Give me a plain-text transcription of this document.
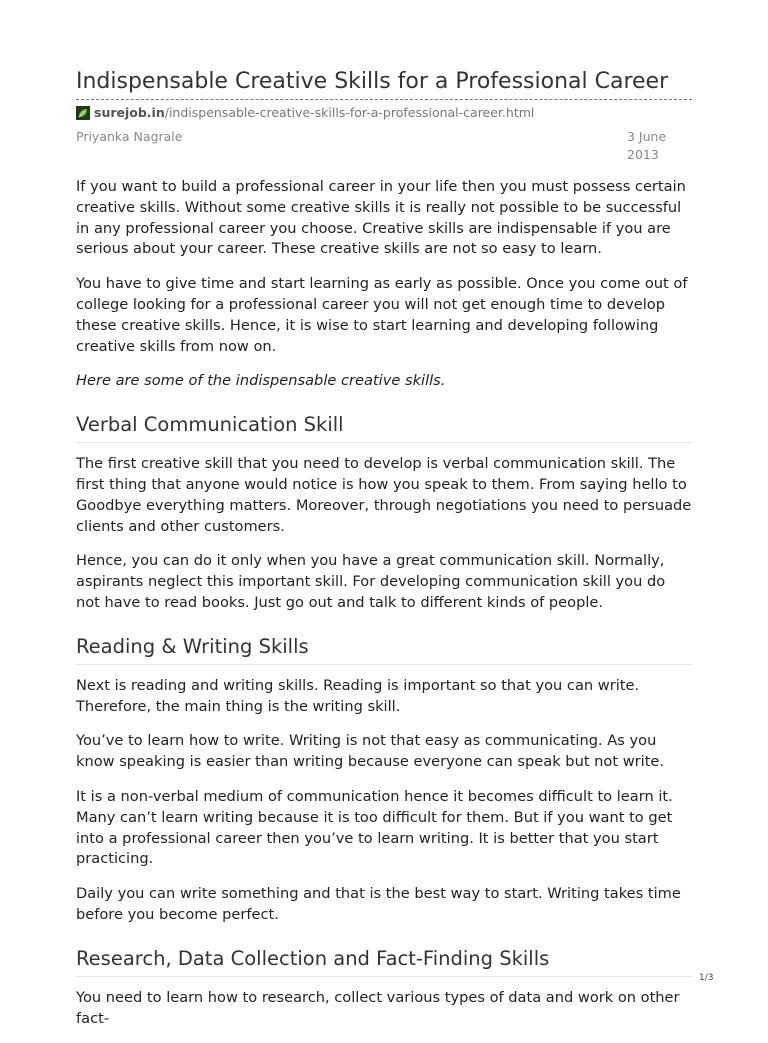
Indispensable Creative Skills for a Professional Career
surejob.in /indispensable-creative-skills-for-a-professional-career.html
Priyanka Nagrale	3 June
2013

If you want to build a professional career in your life then you must possess certain creative skills. Without some creative skills it is really not possible to be successful in any professional career you choose. Creative skills are indispensable if you are serious about your career. These creative skills are not so easy to learn.

You have to give time and start learning as early as possible. Once you come out of college looking for a professional career you will not get enough time to develop these creative skills. Hence, it is wise to start learning and developing following creative skills from now on.

Here are some of the indispensable creative skills.

Verbal Communication Skill

The first creative skill that you need to develop is verbal communication skill. The first thing that anyone would notice is how you speak to them. From saying hello to Goodbye everything matters. Moreover, through negotiations you need to persuade clients and other customers.

Hence, you can do it only when you have a great communication skill. Normally, aspirants neglect this important skill. For developing communication skill you do not have to read books. Just go out and talk to different kinds of people.

Reading & Writing Skills

Next is reading and writing skills. Reading is important so that you can write. Therefore, the main thing is the writing skill.

You’ve to learn how to write. Writing is not that easy as communicating. As you know speaking is easier than writing because everyone can speak but not write.

It is a non-verbal medium of communication hence it becomes difficult to learn it. Many can’t learn writing because it is too difficult for them. But if you want to get into a professional career then you’ve to learn writing. It is better that you start practicing.

Daily you can write something and that is the best way to start. Writing takes time before you become perfect.

Research, Data Collection and Fact-Finding Skills

You need to learn how to research, collect various types of data and work on other fact-

1/3
